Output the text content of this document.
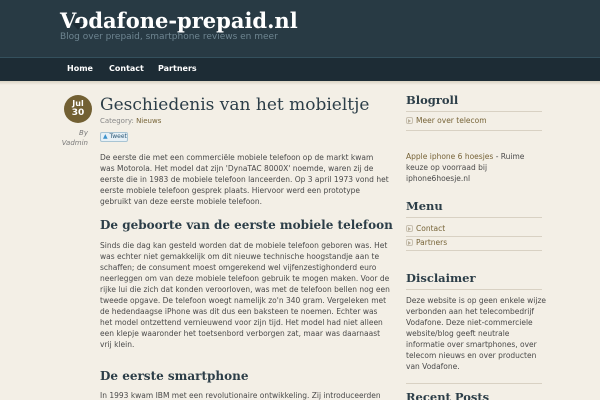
Vodafone-prepaid.nl
Blog over prepaid, smartphone reviews en meer
Home Contact Partners
Jul
30
By
Vadmin
Geschiedenis van het mobieltje
Category: Nieuws
▲ Tweet
De eerste die met een commerciële mobiele telefoon op de markt kwam was Motorola. Het model dat zijn 'DynaTAC 8000X' noemde, waren zij de eerste die in 1983 de mobiele telefoon lanceerden. Op 3 april 1973 vond het eerste mobiele telefoon gesprek plaats. Hiervoor werd een prototype gebruikt van deze eerste mobiele telefoon.
De geboorte van de eerste mobiele telefoon
Sinds die dag kan gesteld worden dat de mobiele telefoon geboren was. Het was echter niet gemakkelijk om dit nieuwe technische hoogstandje aan te schaffen; de consument moest omgerekend wel vijfenzestighonderd euro neerleggen om van deze mobiele telefoon gebruik te mogen maken. Voor de rijke lui die zich dat konden veroorloven, was met de telefoon bellen nog een tweede opgave. De telefoon woegt namelijk zo'n 340 gram. Vergeleken met de hedendaagse iPhone was dit dus een baksteen te noemen. Echter was het model ontzettend vernieuwend voor zijn tijd. Het model had niet alleen een klepje waaronder het toetsenbord verborgen zat, maar was daarnaast vrij klein.
De eerste smartphone
In 1993 kwam IBM met een revolutionaire ontwikkeling. Zij introduceerden
Blogroll
Meer over telecom
Apple iphone 6 hoesjes - Ruime keuze op voorraad bij iphone6hoesje.nl
Menu
Contact
Partners
Disclaimer
Deze website is op geen enkele wijze verbonden aan het telecombedrijf Vodafone. Deze niet-commerciele website/blog geeft neutrale informatie over smartphones, over telecom nieuws en over producten van Vodafone.
Recent Posts
